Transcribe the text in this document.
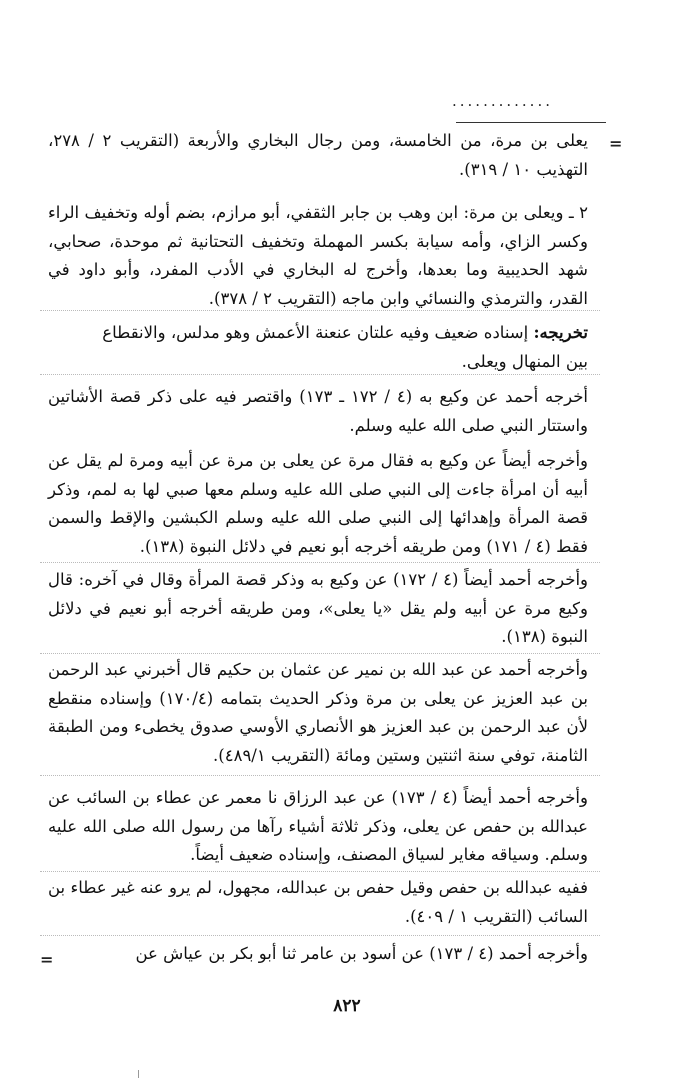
.............
=
يعلى بن مرة، من الخامسة، ومن رجال البخاري والأربعة (التقريب ٢ / ٢٧٨، التهذيب ١٠ / ٣١٩).
٢ ـ ويعلى بن مرة: ابن وهب بن جابر الثقفي، أبو مرازم، بضم أوله وتخفيف الراء وكسر الزاي، وأمه سيابة بكسر المهملة وتخفيف التحتانية ثم موحدة، صحابي، شهد الحديبية وما بعدها، وأخرج له البخاري في الأدب المفرد، وأبو داود في القدر، والترمذي والنسائي وابن ماجه (التقريب ٢ / ٣٧٨).
تخريجه: إسناده ضعيف وفيه علتان عنعنة الأعمش وهو مدلس، والانقطاع
بين المنهال ويعلى.
أخرجه أحمد عن وكيع به (٤ / ١٧٢ ـ ١٧٣) واقتصر فيه على ذكر قصة الأشاتين واستتار النبي صلى الله عليه وسلم.
وأخرجه أيضاً عن وكيع به فقال مرة عن يعلى بن مرة عن أبيه ومرة لم يقل عن أبيه أن امرأة جاءت إلى النبي صلى الله عليه وسلم معها صبي لها به لمم، وذكر قصة المرأة وإهدائها إلى النبي صلى الله عليه وسلم الكبشين والإقط والسمن فقط (٤ / ١٧١) ومن طريقه أخرجه أبو نعيم في دلائل النبوة (١٣٨).
وأخرجه أحمد أيضاً (٤ / ١٧٢) عن وكيع به وذكر قصة المرأة وقال في آخره: قال وكيع مرة عن أبيه ولم يقل «يا يعلى»، ومن طريقه أخرجه أبو نعيم في دلائل النبوة (١٣٨).
وأخرجه أحمد عن عبد الله بن نمير عن عثمان بن حكيم قال أخبرني عبد الرحمن بن عبد العزيز عن يعلى بن مرة وذكر الحديث بتمامه (١٧٠/٤) وإسناده منقطع لأن عبد الرحمن بن عبد العزيز هو الأنصاري الأوسي صدوق يخطىء ومن الطبقة الثامنة، توفي سنة اثنتين وستين ومائة (التقريب ٤٨٩/١).
وأخرجه أحمد أيضاً (٤ / ١٧٣) عن عبد الرزاق نا معمر عن عطاء بن السائب عن عبدالله بن حفص عن يعلى، وذكر ثلاثة أشياء رآها من رسول الله صلى الله عليه وسلم. وسياقه مغاير لسياق المصنف، وإسناده ضعيف أيضاً.
ففيه عبدالله بن حفص وقيل حفص بن عبدالله، مجهول، لم يرو عنه غير عطاء بن السائب (التقريب ١ / ٤٠٩).
وأخرجه أحمد (٤ / ١٧٣) عن أسود بن عامر ثنا أبو بكر بن عياش عن
=
٨٢٢
